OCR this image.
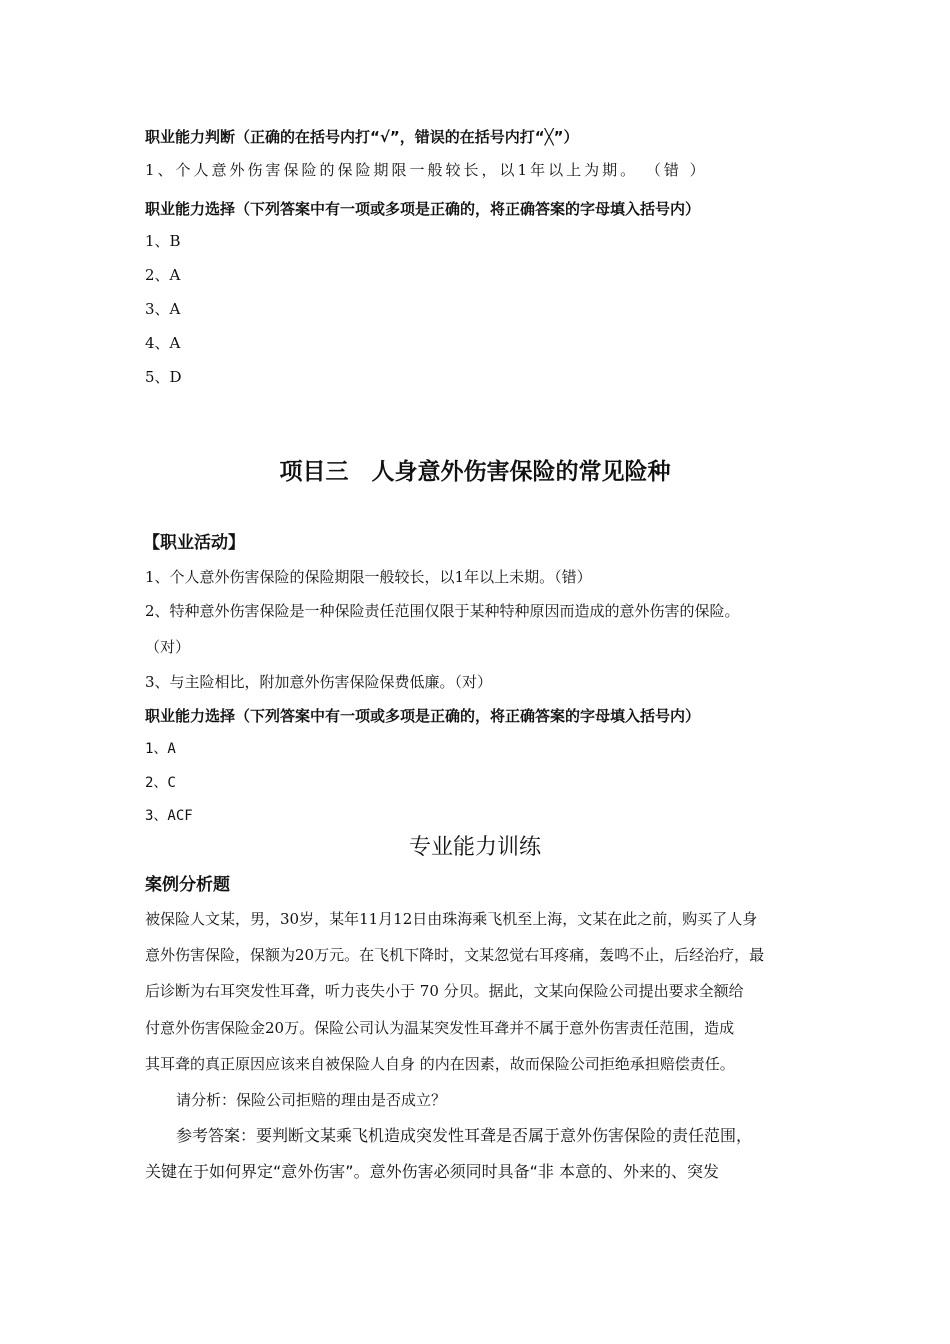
职业能力判断（正确的在括号内打“√”，错误的在括号内打“╳”）
1、个人意外伤害保险的保险期限一般较长，以1年以上为期。 （错 ）
职业能力选择（下列答案中有一项或多项是正确的，将正确答案的字母填入括号内）
1、B
2、A
3、A
4、A
5、D
项目三　人身意外伤害保险的常见险种
【职业活动】
1、个人意外伤害保险的保险期限一般较长，以1年以上未期。（错）
2、特种意外伤害保险是一种保险责任范围仅限于某种特种原因而造成的意外伤害的保险。
（对）
3、与主险相比，附加意外伤害保险保费低廉。（对）
职业能力选择（下列答案中有一项或多项是正确的，将正确答案的字母填入括号内）
1、A
2、C
3、ACF
专业能力训练
案例分析题
被保险人文某，男，30岁，某年11月12日由珠海乘飞机至上海，文某在此之前，购买了人身
意外伤害保险，保额为20万元。在飞机下降时，文某忽觉右耳疼痛，轰鸣不止，后经治疗，最
后诊断为右耳突发性耳聋，听力丧失小于 70 分贝。据此，文某向保险公司提出要求全额给
付意外伤害保险金20万。保险公司认为温某突发性耳聋并不属于意外伤害责任范围，造成
其耳聋的真正原因应该来自被保险人自身 的内在因素，故而保险公司拒绝承担赔偿责任。
请分析：保险公司拒赔的理由是否成立？
参考答案：要判断文某乘飞机造成突发性耳聋是否属于意外伤害保险的责任范围，
关键在于如何界定“意外伤害”。意外伤害必须同时具备“非 本意的、外来的、突发
